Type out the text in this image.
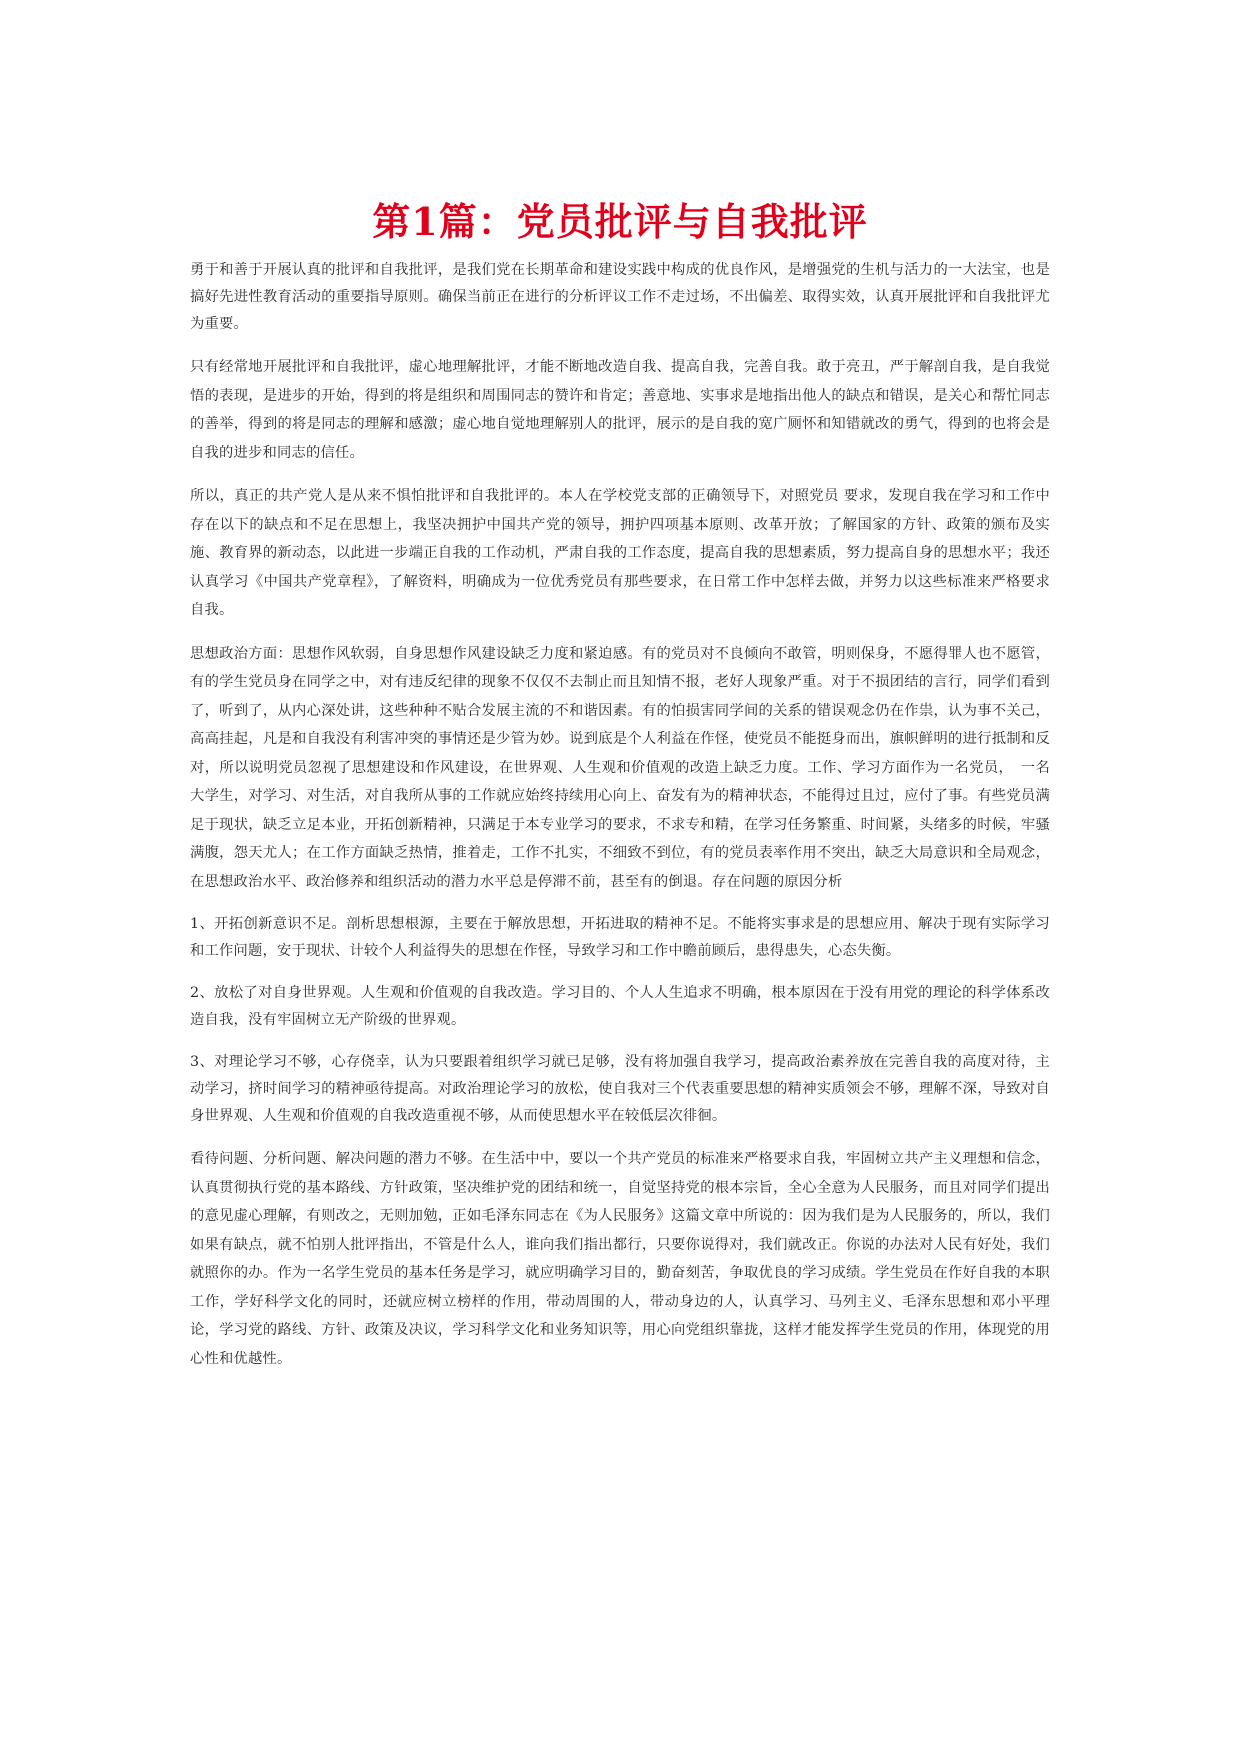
第1篇：党员批评与自我批评

勇于和善于开展认真的批评和自我批评，是我们党在长期革命和建设实践中构成的优良作风，是增强党的生机与活力的一大法宝，也是搞好先进性教育活动的重要指导原则。确保当前正在进行的分析评议工作不走过场，不出偏差、取得实效，认真开展批评和自我批评尤为重要。

只有经常地开展批评和自我批评，虚心地理解批评，才能不断地改造自我、提高自我，完善自我。敢于亮丑，严于解剖自我，是自我觉悟的表现，是进步的开始，得到的将是组织和周围同志的赞许和肯定；善意地、实事求是地指出他人的缺点和错误，是关心和帮忙同志的善举，得到的将是同志的理解和感激；虚心地自觉地理解别人的批评，展示的是自我的宽广厕怀和知错就改的勇气，得到的也将会是自我的进步和同志的信任。

所以，真正的共产党人是从来不惧怕批评和自我批评的。本人在学校党支部的正确领导下，对照党员 要求，发现自我在学习和工作中存在以下的缺点和不足在思想上，我坚决拥护中国共产党的领导，拥护四项基本原则、改革开放；了解国家的方针、政策的颁布及实施、教育界的新动态，以此进一步端正自我的工作动机，严肃自我的工作态度，提高自我的思想素质，努力提高自身的思想水平；我还认真学习《中国共产党章程》，了解资料，明确成为一位优秀党员有那些要求，在日常工作中怎样去做，并努力以这些标准来严格要求自我。

思想政治方面：思想作风软弱，自身思想作风建设缺乏力度和紧迫感。有的党员对不良倾向不敢管，明则保身，不愿得罪人也不愿管，有的学生党员身在同学之中，对有违反纪律的现象不仅仅不去制止而且知情不报，老好人现象严重。对于不损团结的言行，同学们看到了，听到了，从内心深处讲，这些种种不贴合发展主流的不和谐因素。有的怕损害同学间的关系的错误观念仍在作祟，认为事不关己，高高挂起，凡是和自我没有利害冲突的事情还是少管为妙。说到底是个人利益在作怪，使党员不能挺身而出，旗帜鲜明的进行抵制和反对，所以说明党员忽视了思想建设和作风建设，在世界观、人生观和价值观的改造上缺乏力度。工作、学习方面作为一名党员，　一名大学生，对学习、对生活，对自我所从事的工作就应始终持续用心向上、奋发有为的精神状态，不能得过且过，应付了事。有些党员满足于现状，缺乏立足本业，开拓创新精神，只满足于本专业学习的要求，不求专和精，在学习任务繁重、时间紧，头绪多的时候，牢骚满腹，怨天尤人；在工作方面缺乏热情，推着走，工作不扎实，不细致不到位，有的党员表率作用不突出，缺乏大局意识和全局观念，在思想政治水平、政治修养和组织活动的潜力水平总是停滞不前，甚至有的倒退。存在问题的原因分析

1、开拓创新意识不足。剖析思想根源，主要在于解放思想，开拓进取的精神不足。不能将实事求是的思想应用、解决于现有实际学习和工作问题，安于现状、计较个人利益得失的思想在作怪，导致学习和工作中瞻前顾后，患得患失，心态失衡。

2、放松了对自身世界观。人生观和价值观的自我改造。学习目的、个人人生追求不明确，根本原因在于没有用党的理论的科学体系改造自我，没有牢固树立无产阶级的世界观。

3、对理论学习不够，心存侥幸，认为只要跟着组织学习就已足够，没有将加强自我学习，提高政治素养放在完善自我的高度对待，主动学习，挤时间学习的精神亟待提高。对政治理论学习的放松，使自我对三个代表重要思想的精神实质领会不够，理解不深，导致对自身世界观、人生观和价值观的自我改造重视不够，从而使思想水平在较低层次徘徊。

看待问题、分析问题、解决问题的潜力不够。在生活中中，要以一个共产党员的标准来严格要求自我，牢固树立共产主义理想和信念，认真贯彻执行党的基本路线、方针政策，坚决维护党的团结和统一，自觉坚持党的根本宗旨，全心全意为人民服务，而且对同学们提出的意见虚心理解，有则改之，无则加勉，正如毛泽东同志在《为人民服务》这篇文章中所说的：因为我们是为人民服务的，所以，我们如果有缺点，就不怕别人批评指出，不管是什么人，谁向我们指出都行，只要你说得对，我们就改正。你说的办法对人民有好处，我们就照你的办。作为一名学生党员的基本任务是学习，就应明确学习目的，勤奋刻苦，争取优良的学习成绩。学生党员在作好自我的本职工作，学好科学文化的同时，还就应树立榜样的作用，带动周围的人，带动身边的人，认真学习、马列主义、毛泽东思想和邓小平理论，学习党的路线、方针、政策及决议，学习科学文化和业务知识等，用心向党组织靠拢，这样才能发挥学生党员的作用，体现党的用心性和优越性。
